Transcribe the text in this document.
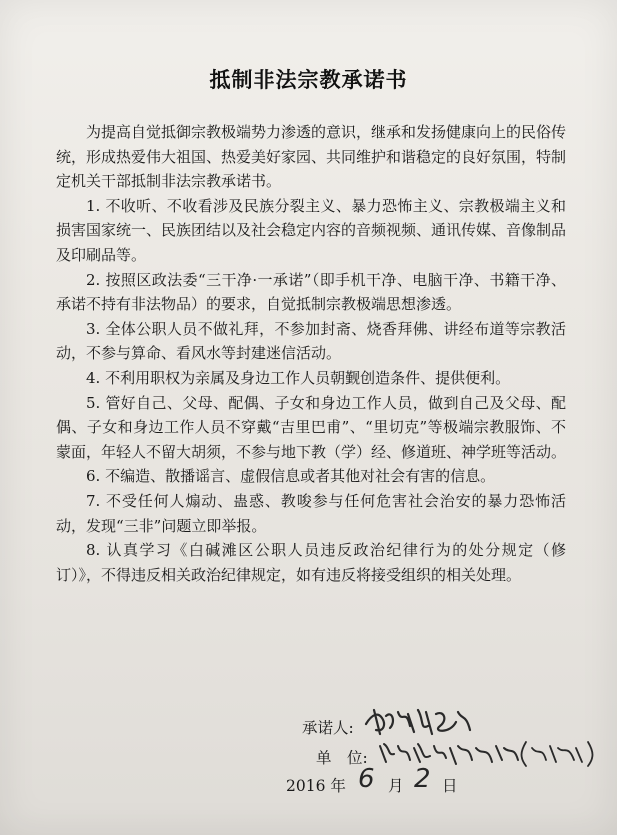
抵制非法宗教承诺书

为提高自觉抵御宗教极端势力渗透的意识，继承和发扬健康向上的民俗传统，形成热爱伟大祖国、热爱美好家园、共同维护和谐稳定的良好氛围，特制定机关干部抵制非法宗教承诺书。

1. 不收听、不收看涉及民族分裂主义、暴力恐怖主义、宗教极端主义和损害国家统一、民族团结以及社会稳定内容的音频视频、通讯传媒、音像制品及印刷品等。

2. 按照区政法委“三干净·一承诺”（即手机干净、电脑干净、书籍干净、承诺不持有非法物品）的要求，自觉抵制宗教极端思想渗透。

3. 全体公职人员不做礼拜，不参加封斋、烧香拜佛、讲经布道等宗教活动，不参与算命、看风水等封建迷信活动。

4. 不利用职权为亲属及身边工作人员朝觐创造条件、提供便利。

5. 管好自己、父母、配偶、子女和身边工作人员，做到自己及父母、配偶、子女和身边工作人员不穿戴“吉里巴甫”、“里切克”等极端宗教服饰、不蒙面，年轻人不留大胡须，不参与地下教（学）经、修道班、神学班等活动。

6. 不编造、散播谣言、虚假信息或者其他对社会有害的信息。

7. 不受任何人煽动、蛊惑、教唆参与任何危害社会治安的暴力恐怖活动，发现“三非”问题立即举报。

8. 认真学习《白碱滩区公职人员违反政治纪律行为的处分规定（修订）》，不得违反相关政治纪律规定，如有违反将接受组织的相关处理。

承诺人:
单　位:
2016 年 6 月 2 日
